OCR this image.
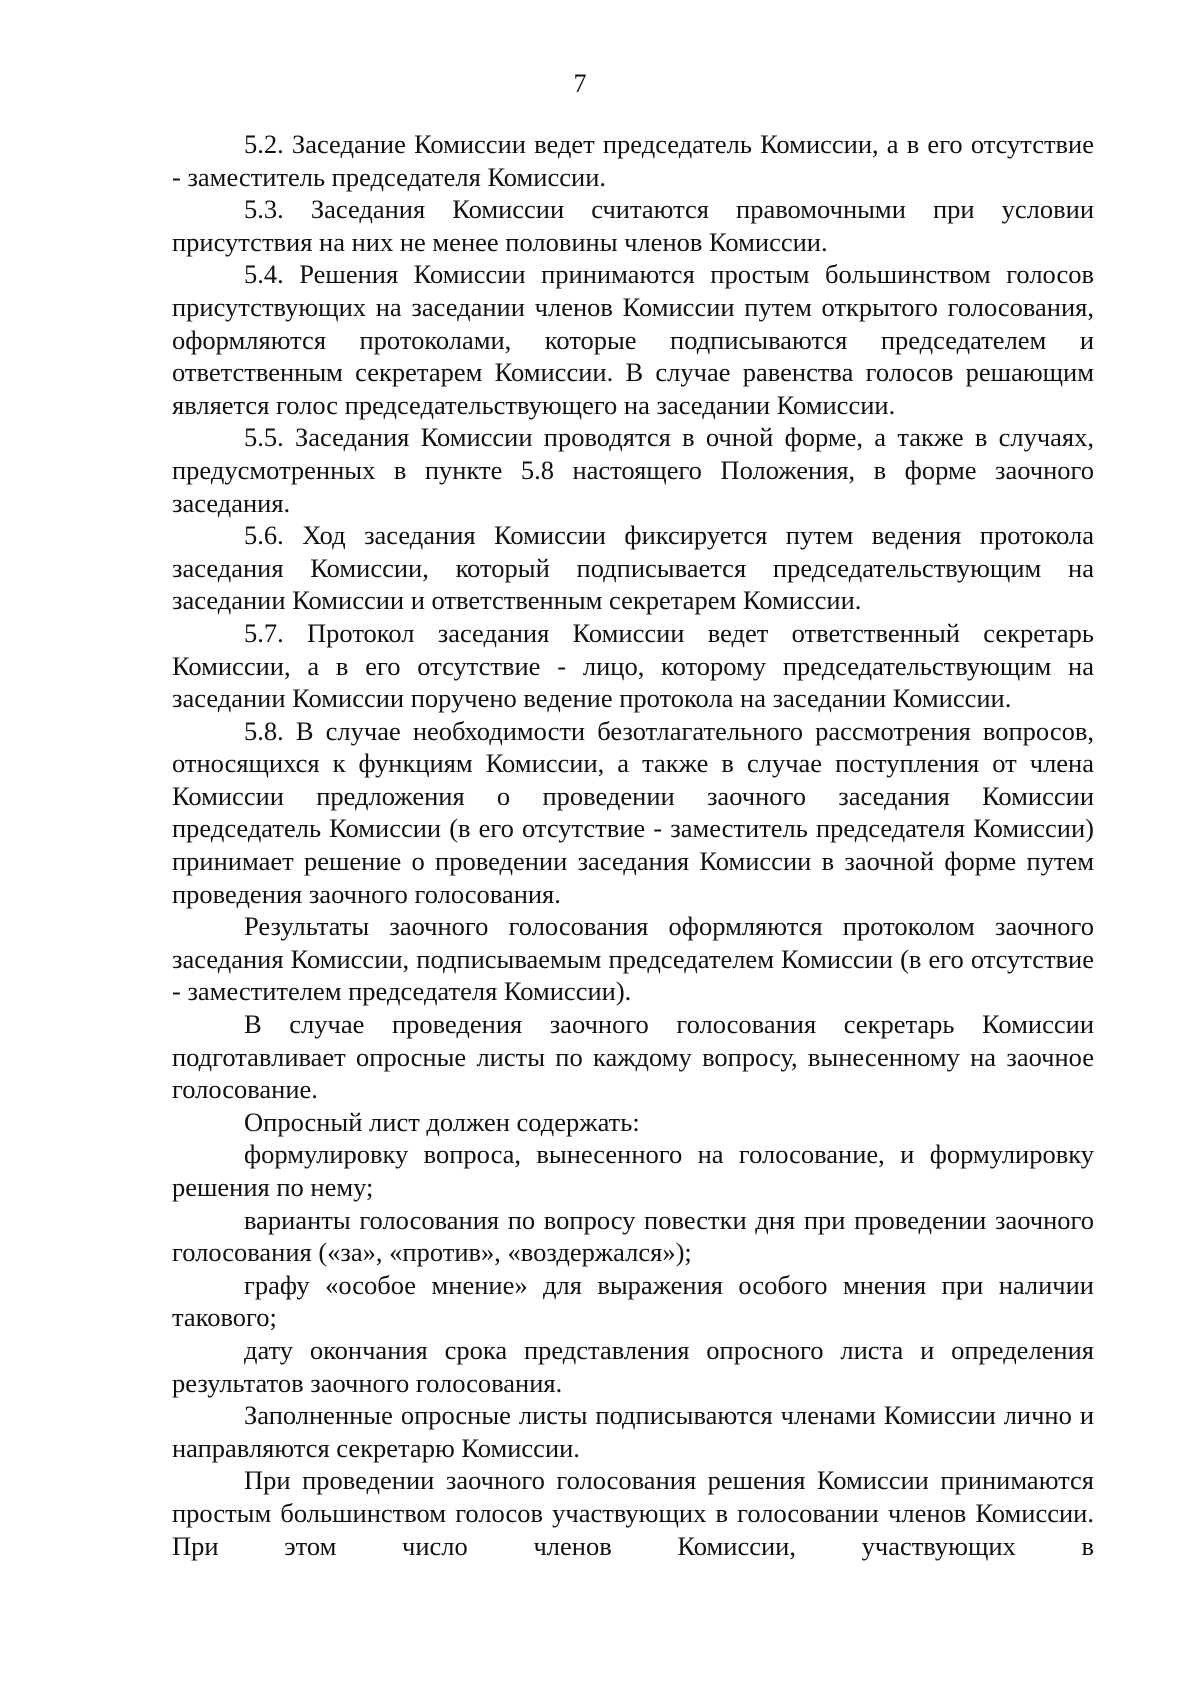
7

5.2. Заседание Комиссии ведет председатель Комиссии, а в его отсутствие - заместитель председателя Комиссии.

5.3. Заседания Комиссии считаются правомочными при условии присутствия на них не менее половины членов Комиссии.

5.4. Решения Комиссии принимаются простым большинством голосов присутствующих на заседании членов Комиссии путем открытого голосования, оформляются протоколами, которые подписываются председателем и ответственным секретарем Комиссии. В случае равенства голосов решающим является голос председательствующего на заседании Комиссии.

5.5. Заседания Комиссии проводятся в очной форме, а также в случаях, предусмотренных в пункте 5.8 настоящего Положения, в форме заочного заседания.

5.6. Ход заседания Комиссии фиксируется путем ведения протокола заседания Комиссии, который подписывается председательствующим на заседании Комиссии и ответственным секретарем Комиссии.

5.7. Протокол заседания Комиссии ведет ответственный секретарь Комиссии, а в его отсутствие - лицо, которому председательствующим на заседании Комиссии поручено ведение протокола на заседании Комиссии.

5.8. В случае необходимости безотлагательного рассмотрения вопросов, относящихся к функциям Комиссии, а также в случае поступления от члена Комиссии предложения о проведении заочного заседания Комиссии председатель Комиссии (в его отсутствие - заместитель председателя Комиссии) принимает решение о проведении заседания Комиссии в заочной форме путем проведения заочного голосования.

Результаты заочного голосования оформляются протоколом заочного заседания Комиссии, подписываемым председателем Комиссии (в его отсутствие - заместителем председателя Комиссии).

В случае проведения заочного голосования секретарь Комиссии подготавливает опросные листы по каждому вопросу, вынесенному на заочное голосование.

Опросный лист должен содержать:

формулировку вопроса, вынесенного на голосование, и формулировку решения по нему;

варианты голосования по вопросу повестки дня при проведении заочного голосования («за», «против», «воздержался»);

графу «особое мнение» для выражения особого мнения при наличии такового;

дату окончания срока представления опросного листа и определения результатов заочного голосования.

Заполненные опросные листы подписываются членами Комиссии лично и направляются секретарю Комиссии.

При проведении заочного голосования решения Комиссии принимаются простым большинством голосов участвующих в голосовании членов Комиссии. При этом число членов Комиссии, участвующих в
